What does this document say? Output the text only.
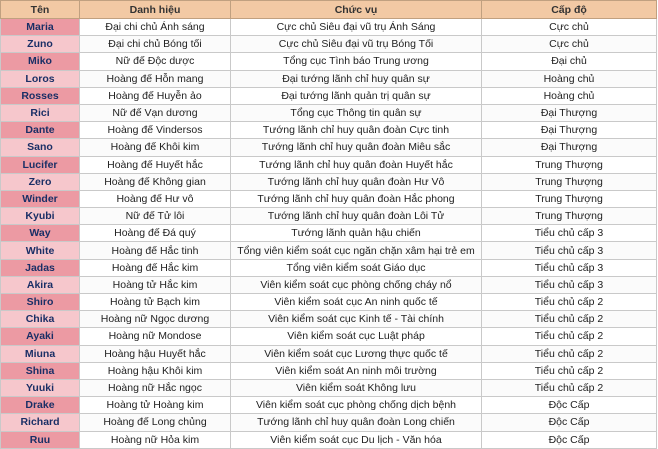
Tên	Danh hiệu	Chức vụ	Cấp độ
Maria	Đại chi chủ Ánh sáng	Cực chủ Siêu đại vũ trụ Ánh Sáng	Cực chủ
Zuno	Đại chi chủ Bóng tối	Cực chủ Siêu đại vũ trụ Bóng Tối	Cực chủ
Miko	Nữ đế Độc dược	Tổng cục Tình báo Trung ương	Đại chủ
Loros	Hoàng đế Hỗn mang	Đại tướng lãnh chỉ huy quân sự	Hoàng chủ
Rosses	Hoàng đế Huyễn ảo	Đại tướng lãnh quản trị quân sự	Hoàng chủ
Rici	Nữ đế Vạn dương	Tổng cục Thông tin quân sự	Đại Thượng
Dante	Hoàng đế Vindersos	Tướng lãnh chỉ huy quân đoàn Cực tinh	Đại Thượng
Sano	Hoàng đế Khôi kim	Tướng lãnh chỉ huy quân đoàn Miêu sắc	Đại Thượng
Lucifer	Hoàng đế Huyết hắc	Tướng lãnh chỉ huy quân đoàn Huyết hắc	Trung Thượng
Zero	Hoàng đế Không gian	Tướng lãnh chỉ huy quân đoàn Hư Vô	Trung Thượng
Winder	Hoàng đế Hư vô	Tướng lãnh chỉ huy quân đoàn Hắc phong	Trung Thượng
Kyubi	Nữ đế Tử lôi	Tướng lãnh chỉ huy quân đoàn Lôi Tử	Trung Thượng
Way	Hoàng đế Đá quý	Tướng lãnh quản hậu chiến	Tiểu chủ cấp 3
White	Hoàng đế Hắc tinh	Tổng viên kiểm soát cục ngăn chặn xâm hại trẻ em	Tiểu chủ cấp 3
Jadas	Hoàng đế Hắc kim	Tổng viên kiểm soát Giáo dục	Tiểu chủ cấp 3
Akira	Hoàng tử Hắc kim	Viên kiểm soát cục phòng chống cháy nổ	Tiểu chủ cấp 3
Shiro	Hoàng tử Bạch kim	Viên kiểm soát cục An ninh quốc tế	Tiểu chủ cấp 2
Chika	Hoàng nữ Ngọc dương	Viên kiểm soát cục Kinh tế - Tài chính	Tiểu chủ cấp 2
Ayaki	Hoàng nữ Mondose	Viên kiểm soát cục Luật pháp	Tiểu chủ cấp 2
Miuna	Hoàng hậu Huyết hắc	Viên kiểm soát cục Lương thực quốc tế	Tiểu chủ cấp 2
Shina	Hoàng hậu Khôi kim	Viên kiểm soát An ninh môi trường	Tiểu chủ cấp 2
Yuuki	Hoàng nữ Hắc ngọc	Viên kiểm soát Không lưu	Tiểu chủ cấp 2
Drake	Hoàng tử Hoàng kim	Viên kiểm soát cục phòng chống dịch bệnh	Độc Cấp
Richard	Hoàng đế Long chủng	Tướng lãnh chỉ huy quân đoàn Long chiến	Độc Cấp
Ruu	Hoàng nữ Hỏa kim	Viên kiểm soát cục Du lịch - Văn hóa	Độc Cấp
